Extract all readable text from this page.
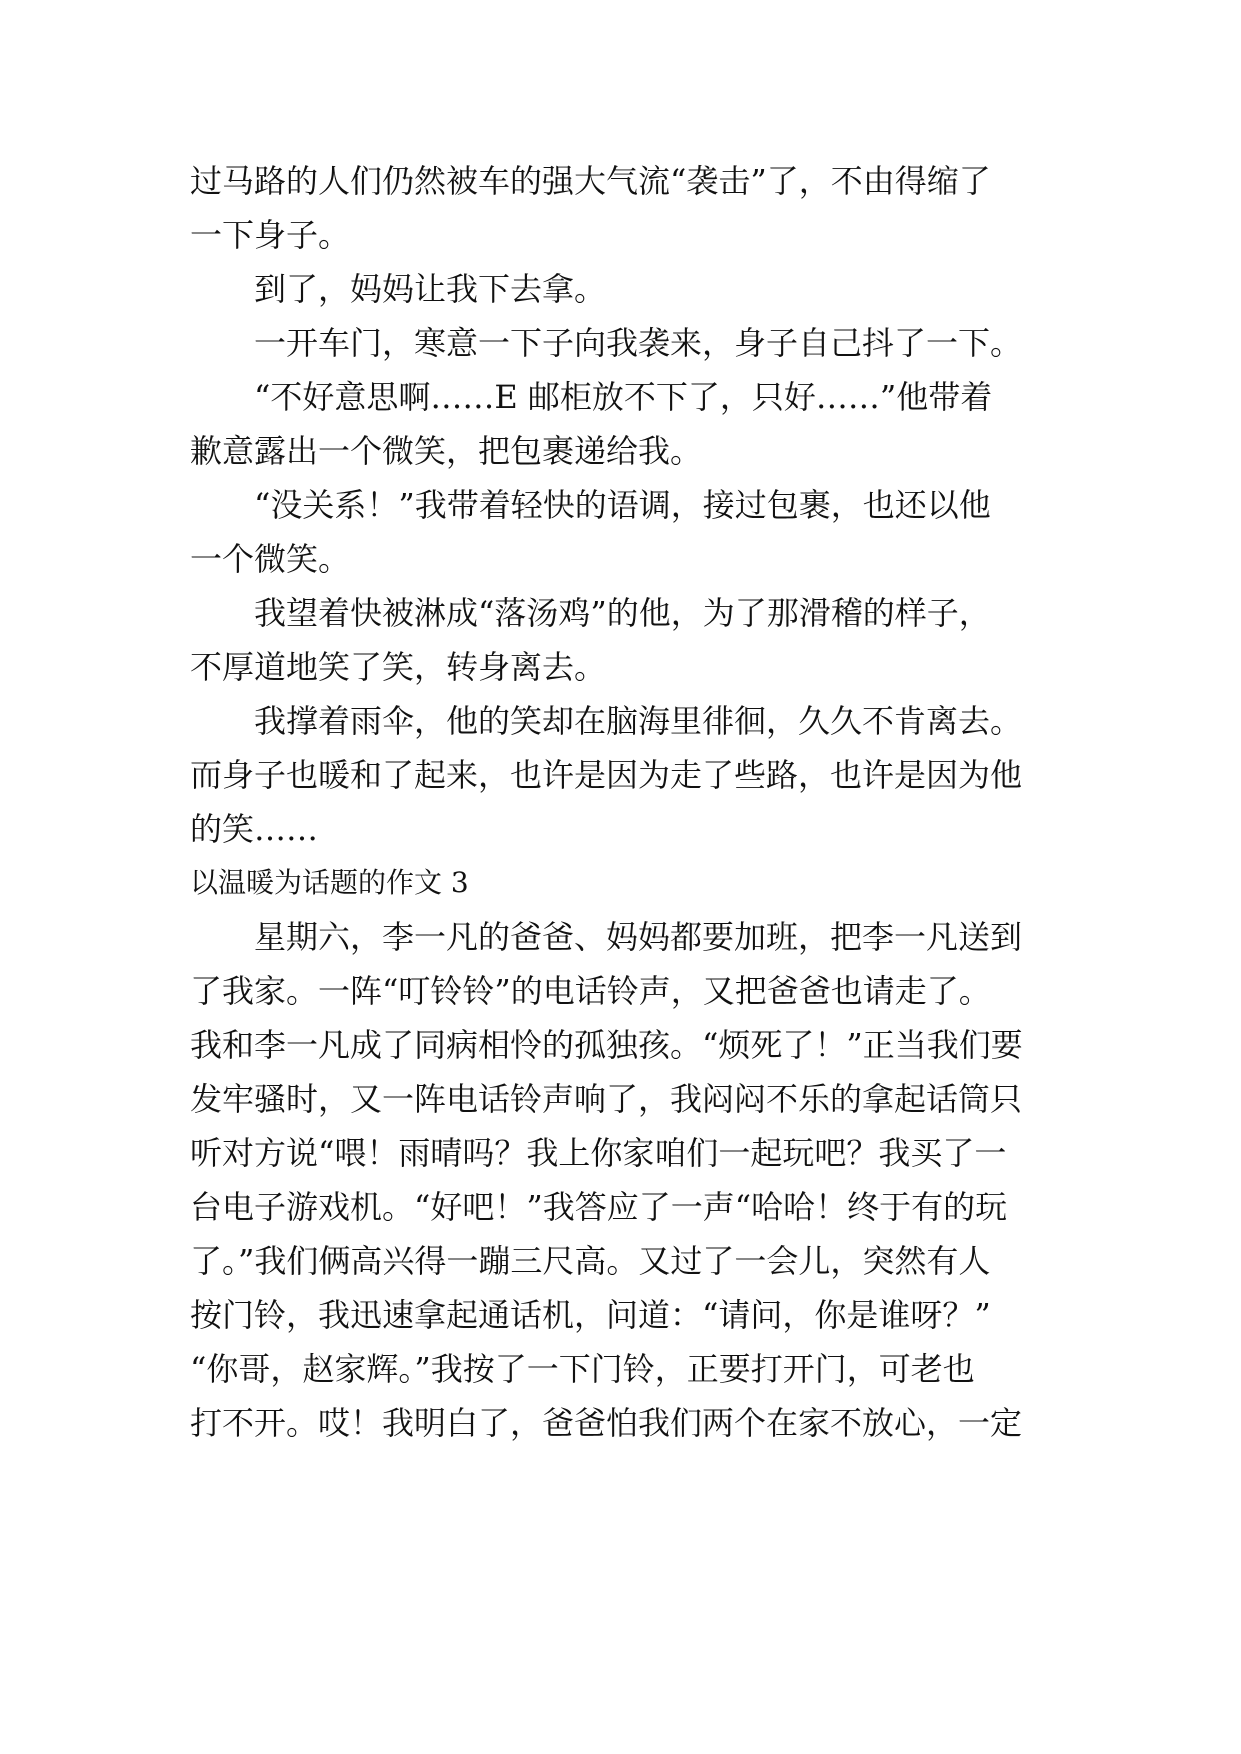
过马路的人们仍然被车的强大气流“袭击”了，不由得缩了
一下身子。
到了，妈妈让我下去拿。
一开车门，寒意一下子向我袭来，身子自己抖了一下。
“不好意思啊……E 邮柜放不下了，只好……”他带着
歉意露出一个微笑，把包裹递给我。
“没关系！”我带着轻快的语调，接过包裹，也还以他
一个微笑。
我望着快被淋成“落汤鸡”的他，为了那滑稽的样子，
不厚道地笑了笑，转身离去。
我撑着雨伞，他的笑却在脑海里徘徊，久久不肯离去。
而身子也暖和了起来，也许是因为走了些路，也许是因为他
的笑……
以温暖为话题的作文 3
星期六，李一凡的爸爸、妈妈都要加班，把李一凡送到
了我家。一阵“叮铃铃”的电话铃声，又把爸爸也请走了。
我和李一凡成了同病相怜的孤独孩。“烦死了！”正当我们要
发牢骚时，又一阵电话铃声响了，我闷闷不乐的拿起话筒只
听对方说“喂！雨晴吗？我上你家咱们一起玩吧？我买了一
台电子游戏机。“好吧！”我答应了一声“哈哈！终于有的玩
了。”我们俩高兴得一蹦三尺高。又过了一会儿，突然有人
按门铃，我迅速拿起通话机，问道：“请问，你是谁呀？”
“你哥，赵家辉。”我按了一下门铃，正要打开门，可老也
打不开。哎！我明白了，爸爸怕我们两个在家不放心，一定
